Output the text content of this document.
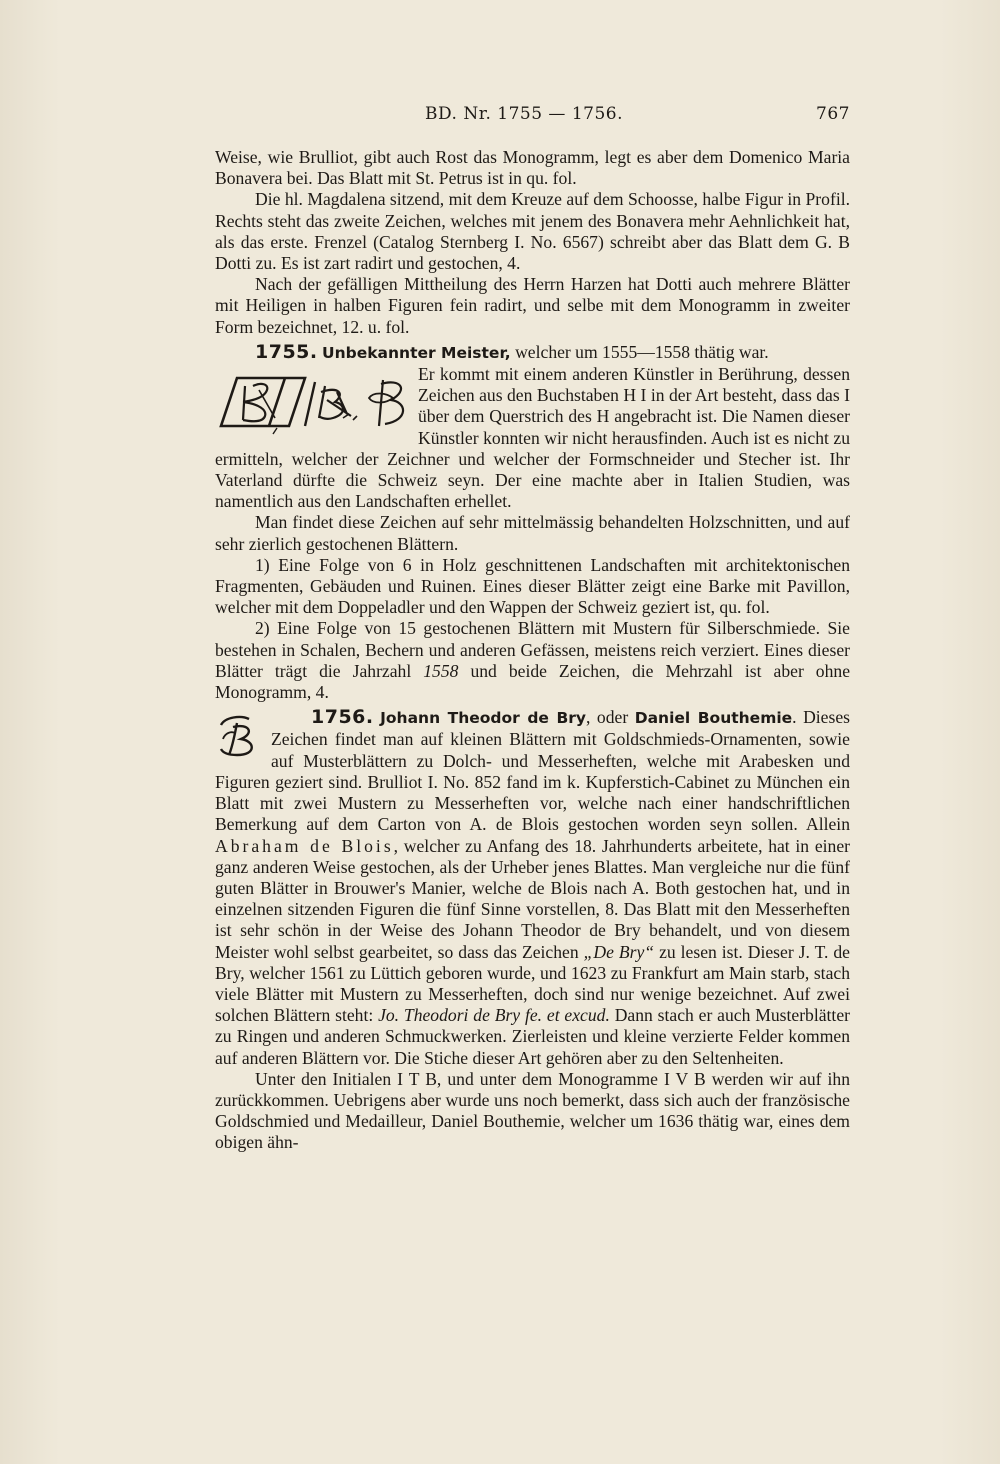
BD. Nr. 1755 — 1756.	767

Weise, wie Brulliot, gibt auch Rost das Monogramm, legt es aber dem Domenico Maria Bonavera bei. Das Blatt mit St. Petrus ist in qu. fol.

Die hl. Magdalena sitzend, mit dem Kreuze auf dem Schoosse, halbe Figur in Profil. Rechts steht das zweite Zeichen, welches mit jenem des Bonavera mehr Aehnlichkeit hat, als das erste. Frenzel (Catalog Sternberg I. No. 6567) schreibt aber das Blatt dem G. B Dotti zu. Es ist zart radirt und gestochen, 4.

Nach der gefälligen Mittheilung des Herrn Harzen hat Dotti auch mehrere Blätter mit Heiligen in halben Figuren fein radirt, und selbe mit dem Monogramm in zweiter Form bezeichnet, 12. u. fol.

1755. Unbekannter Meister, welcher um 1555—1558 thätig war.

Er kommt mit einem anderen Künstler in Berührung, dessen Zeichen aus den Buchstaben H I in der Art besteht, dass das I über dem Querstrich des H angebracht ist. Die Namen dieser Künstler konnten wir nicht herausfinden. Auch ist es nicht zu ermitteln, welcher der Zeichner und welcher der Formschneider und Stecher ist. Ihr Vaterland dürfte die Schweiz seyn. Der eine machte aber in Italien Studien, was namentlich aus den Landschaften erhellet.

Man findet diese Zeichen auf sehr mittelmässig behandelten Holzschnitten, und auf sehr zierlich gestochenen Blättern.

1) Eine Folge von 6 in Holz geschnittenen Landschaften mit architektonischen Fragmenten, Gebäuden und Ruinen. Eines dieser Blätter zeigt eine Barke mit Pavillon, welcher mit dem Doppeladler und den Wappen der Schweiz geziert ist, qu. fol.

2) Eine Folge von 15 gestochenen Blättern mit Mustern für Silberschmiede. Sie bestehen in Schalen, Bechern und anderen Gefässen, meistens reich verziert. Eines dieser Blätter trägt die Jahrzahl 1558 und beide Zeichen, die Mehrzahl ist aber ohne Monogramm, 4.

1756. Johann Theodor de Bry, oder Daniel Bouthemie. Dieses
Zeichen findet man auf kleinen Blättern mit Goldschmieds-Ornamenten, sowie auf Musterblättern zu Dolch- und Messerheften, welche mit Arabesken und Figuren geziert sind. Brulliot I. No. 852 fand im k. Kupferstich-Cabinet zu München ein Blatt mit zwei Mustern zu Messerheften vor, welche nach einer handschriftlichen Bemerkung auf dem Carton von A. de Blois gestochen worden seyn sollen. Allein Abraham de Blois, welcher zu Anfang des 18. Jahrhunderts arbeitete, hat in einer ganz anderen Weise gestochen, als der Urheber jenes Blattes. Man vergleiche nur die fünf guten Blätter in Brouwer's Manier, welche de Blois nach A. Both gestochen hat, und in einzelnen sitzenden Figuren die fünf Sinne vorstellen, 8. Das Blatt mit den Messerheften ist sehr schön in der Weise des Johann Theodor de Bry behandelt, und von diesem Meister wohl selbst gearbeitet, so dass das Zeichen „De Bry“ zu lesen ist. Dieser J. T. de Bry, welcher 1561 zu Lüttich geboren wurde, und 1623 zu Frankfurt am Main starb, stach viele Blätter mit Mustern zu Messerheften, doch sind nur wenige bezeichnet. Auf zwei solchen Blättern steht: Jo. Theodori de Bry fe. et excud. Dann stach er auch Musterblätter zu Ringen und anderen Schmuckwerken. Zierleisten und kleine verzierte Felder kommen auf anderen Blättern vor. Die Stiche dieser Art gehören aber zu den Seltenheiten.

Unter den Initialen I T B, und unter dem Monogramme I V B werden wir auf ihn zurückkommen. Uebrigens aber wurde uns noch bemerkt, dass sich auch der französische Goldschmied und Medailleur, Daniel Bouthemie, welcher um 1636 thätig war, eines dem obigen ähn-
